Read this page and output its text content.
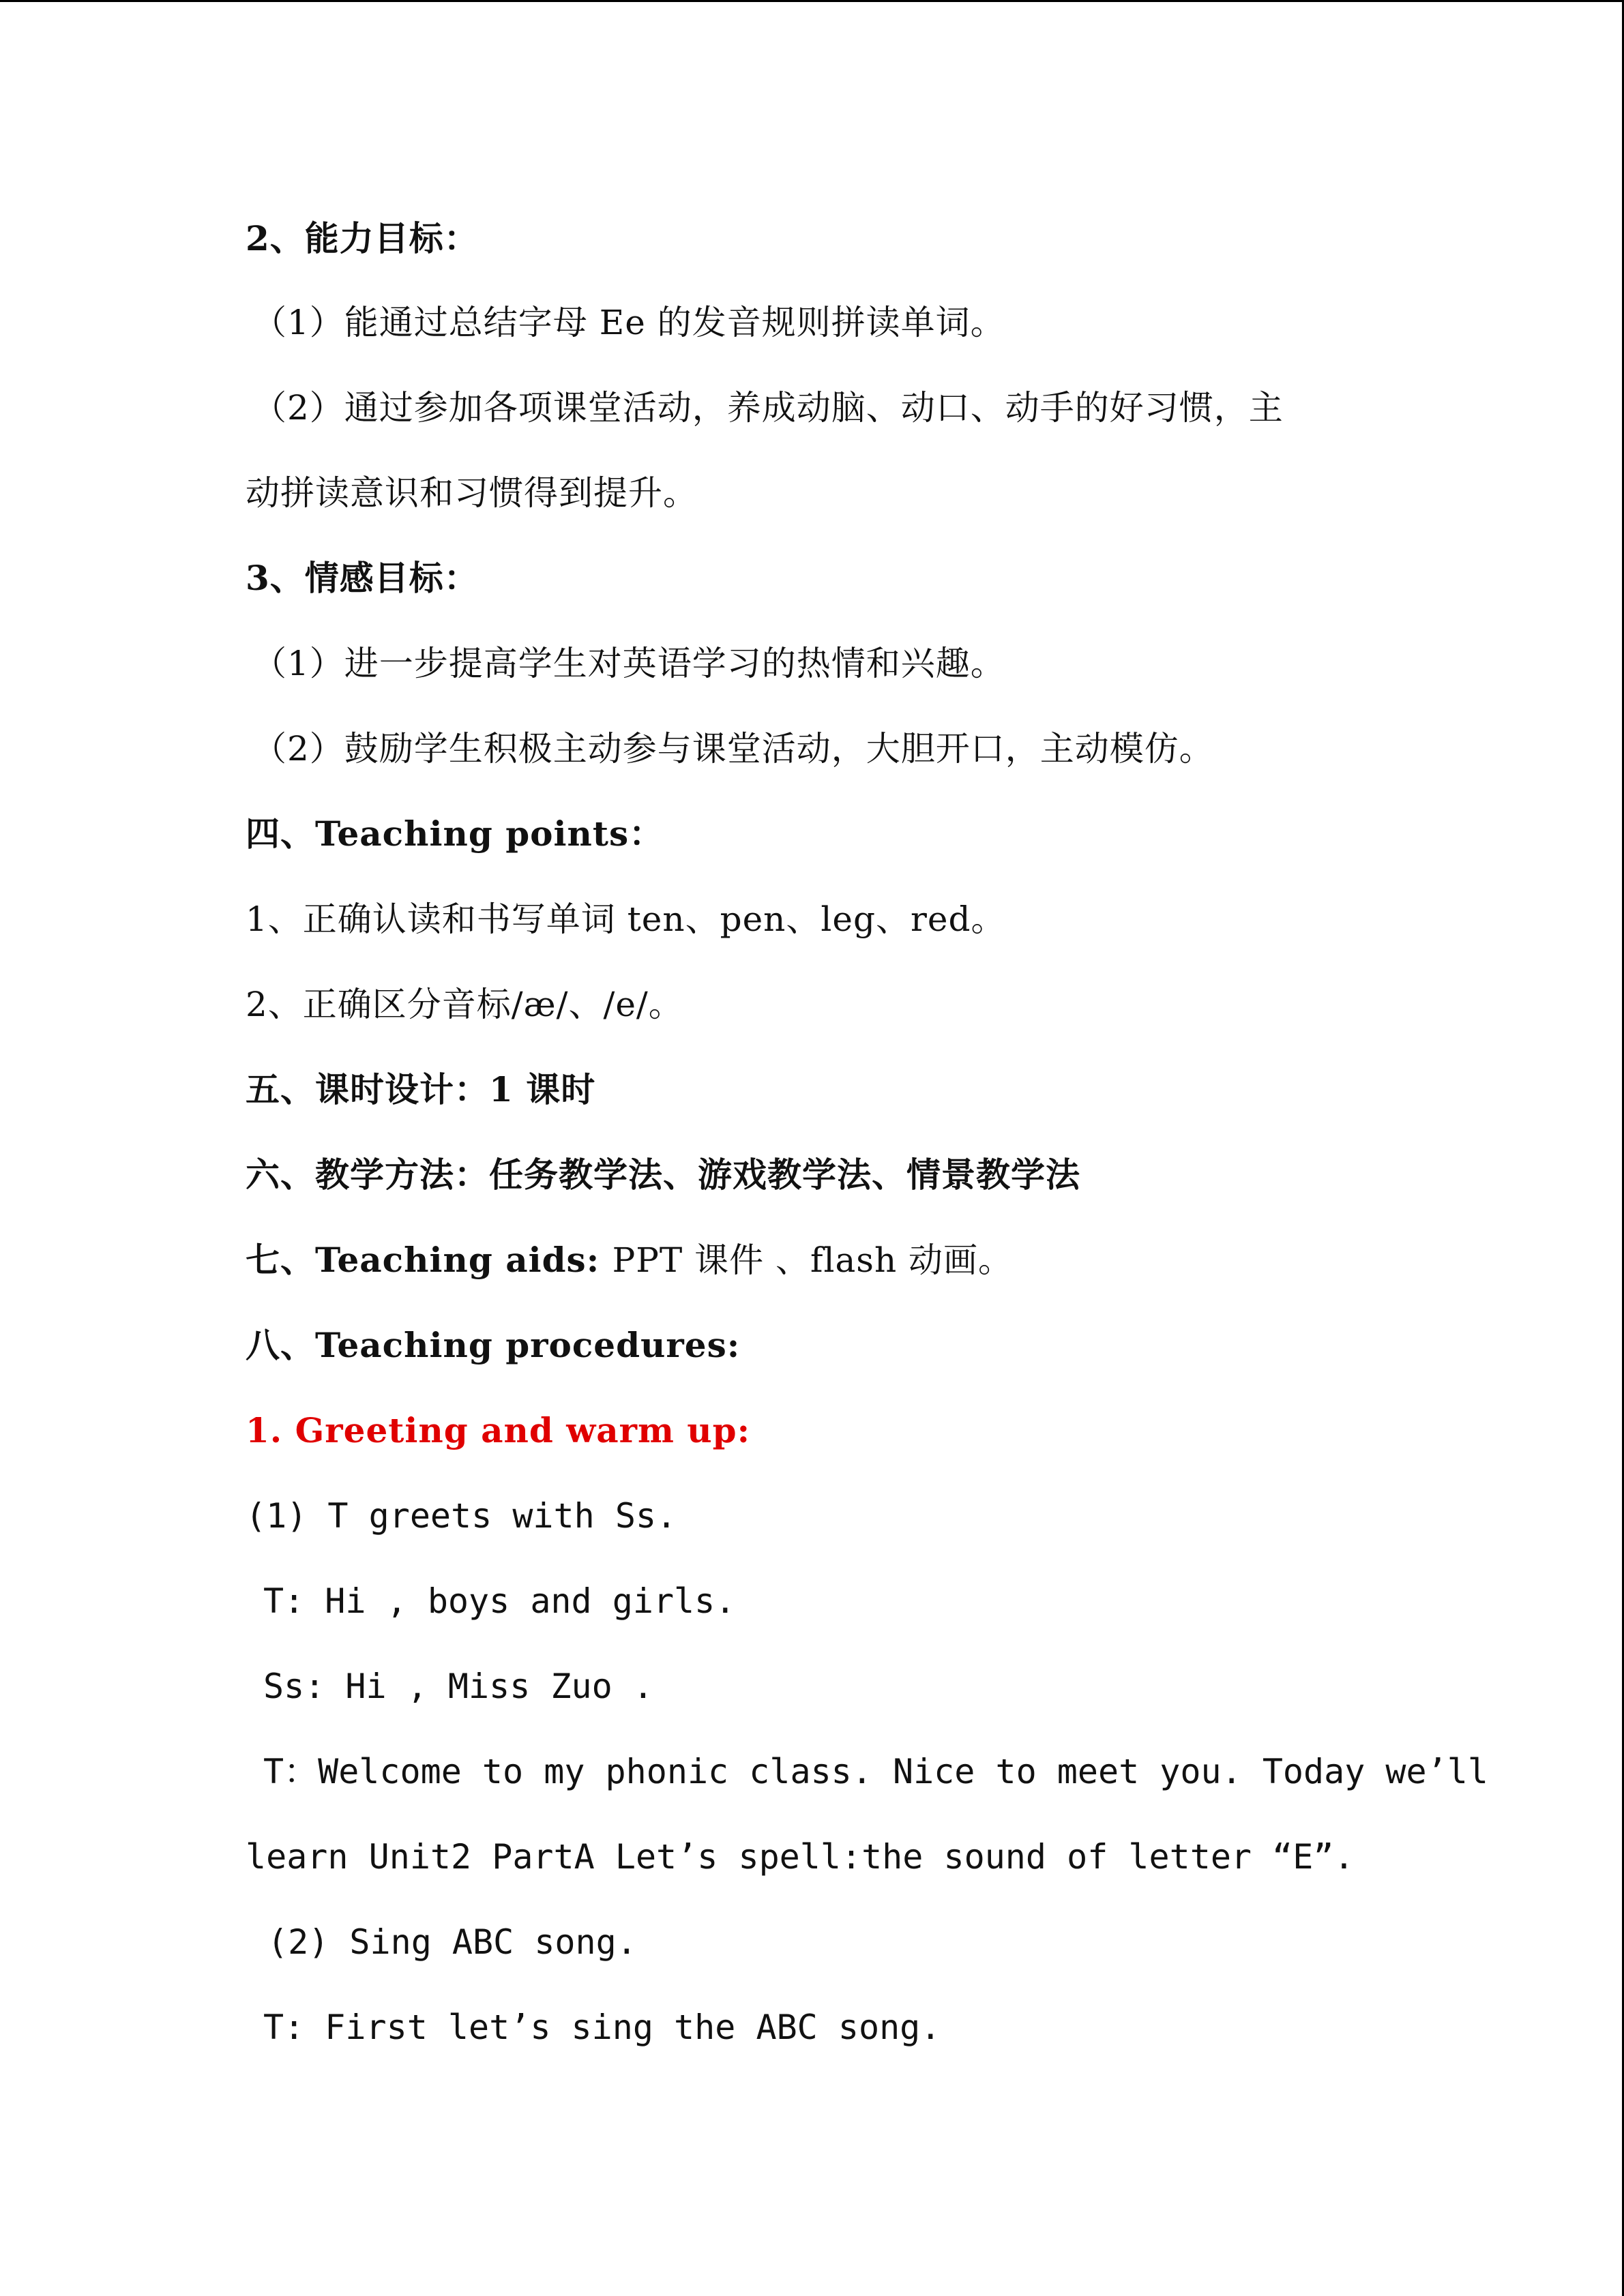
2、能力目标：
（1）能通过总结字母 Ee 的发音规则拼读单词。
（2）通过参加各项课堂活动，养成动脑、动口、动手的好习惯，主
动拼读意识和习惯得到提升。
3、情感目标：
（1）进一步提高学生对英语学习的热情和兴趣。
（2）鼓励学生积极主动参与课堂活动，大胆开口，主动模仿。
四、Teaching points：
1、正确认读和书写单词 ten、pen、leg、red。
2、正确区分音标/æ/、/e/。
五、课时设计：1 课时
六、教学方法：任务教学法、游戏教学法、情景教学法
七、Teaching aids: PPT 课件 、flash 动画。
八、Teaching procedures:
1. Greeting and warm up:
(1) T greets with Ss.
T: Hi , boys and girls.
Ss: Hi , Miss Zuo .
T：Welcome to my phonic class. Nice to meet you. Today we’ll
learn Unit2 PartA Let’s spell:the sound of letter “E”.
(2) Sing ABC song.
T: First let’s sing the ABC song.
